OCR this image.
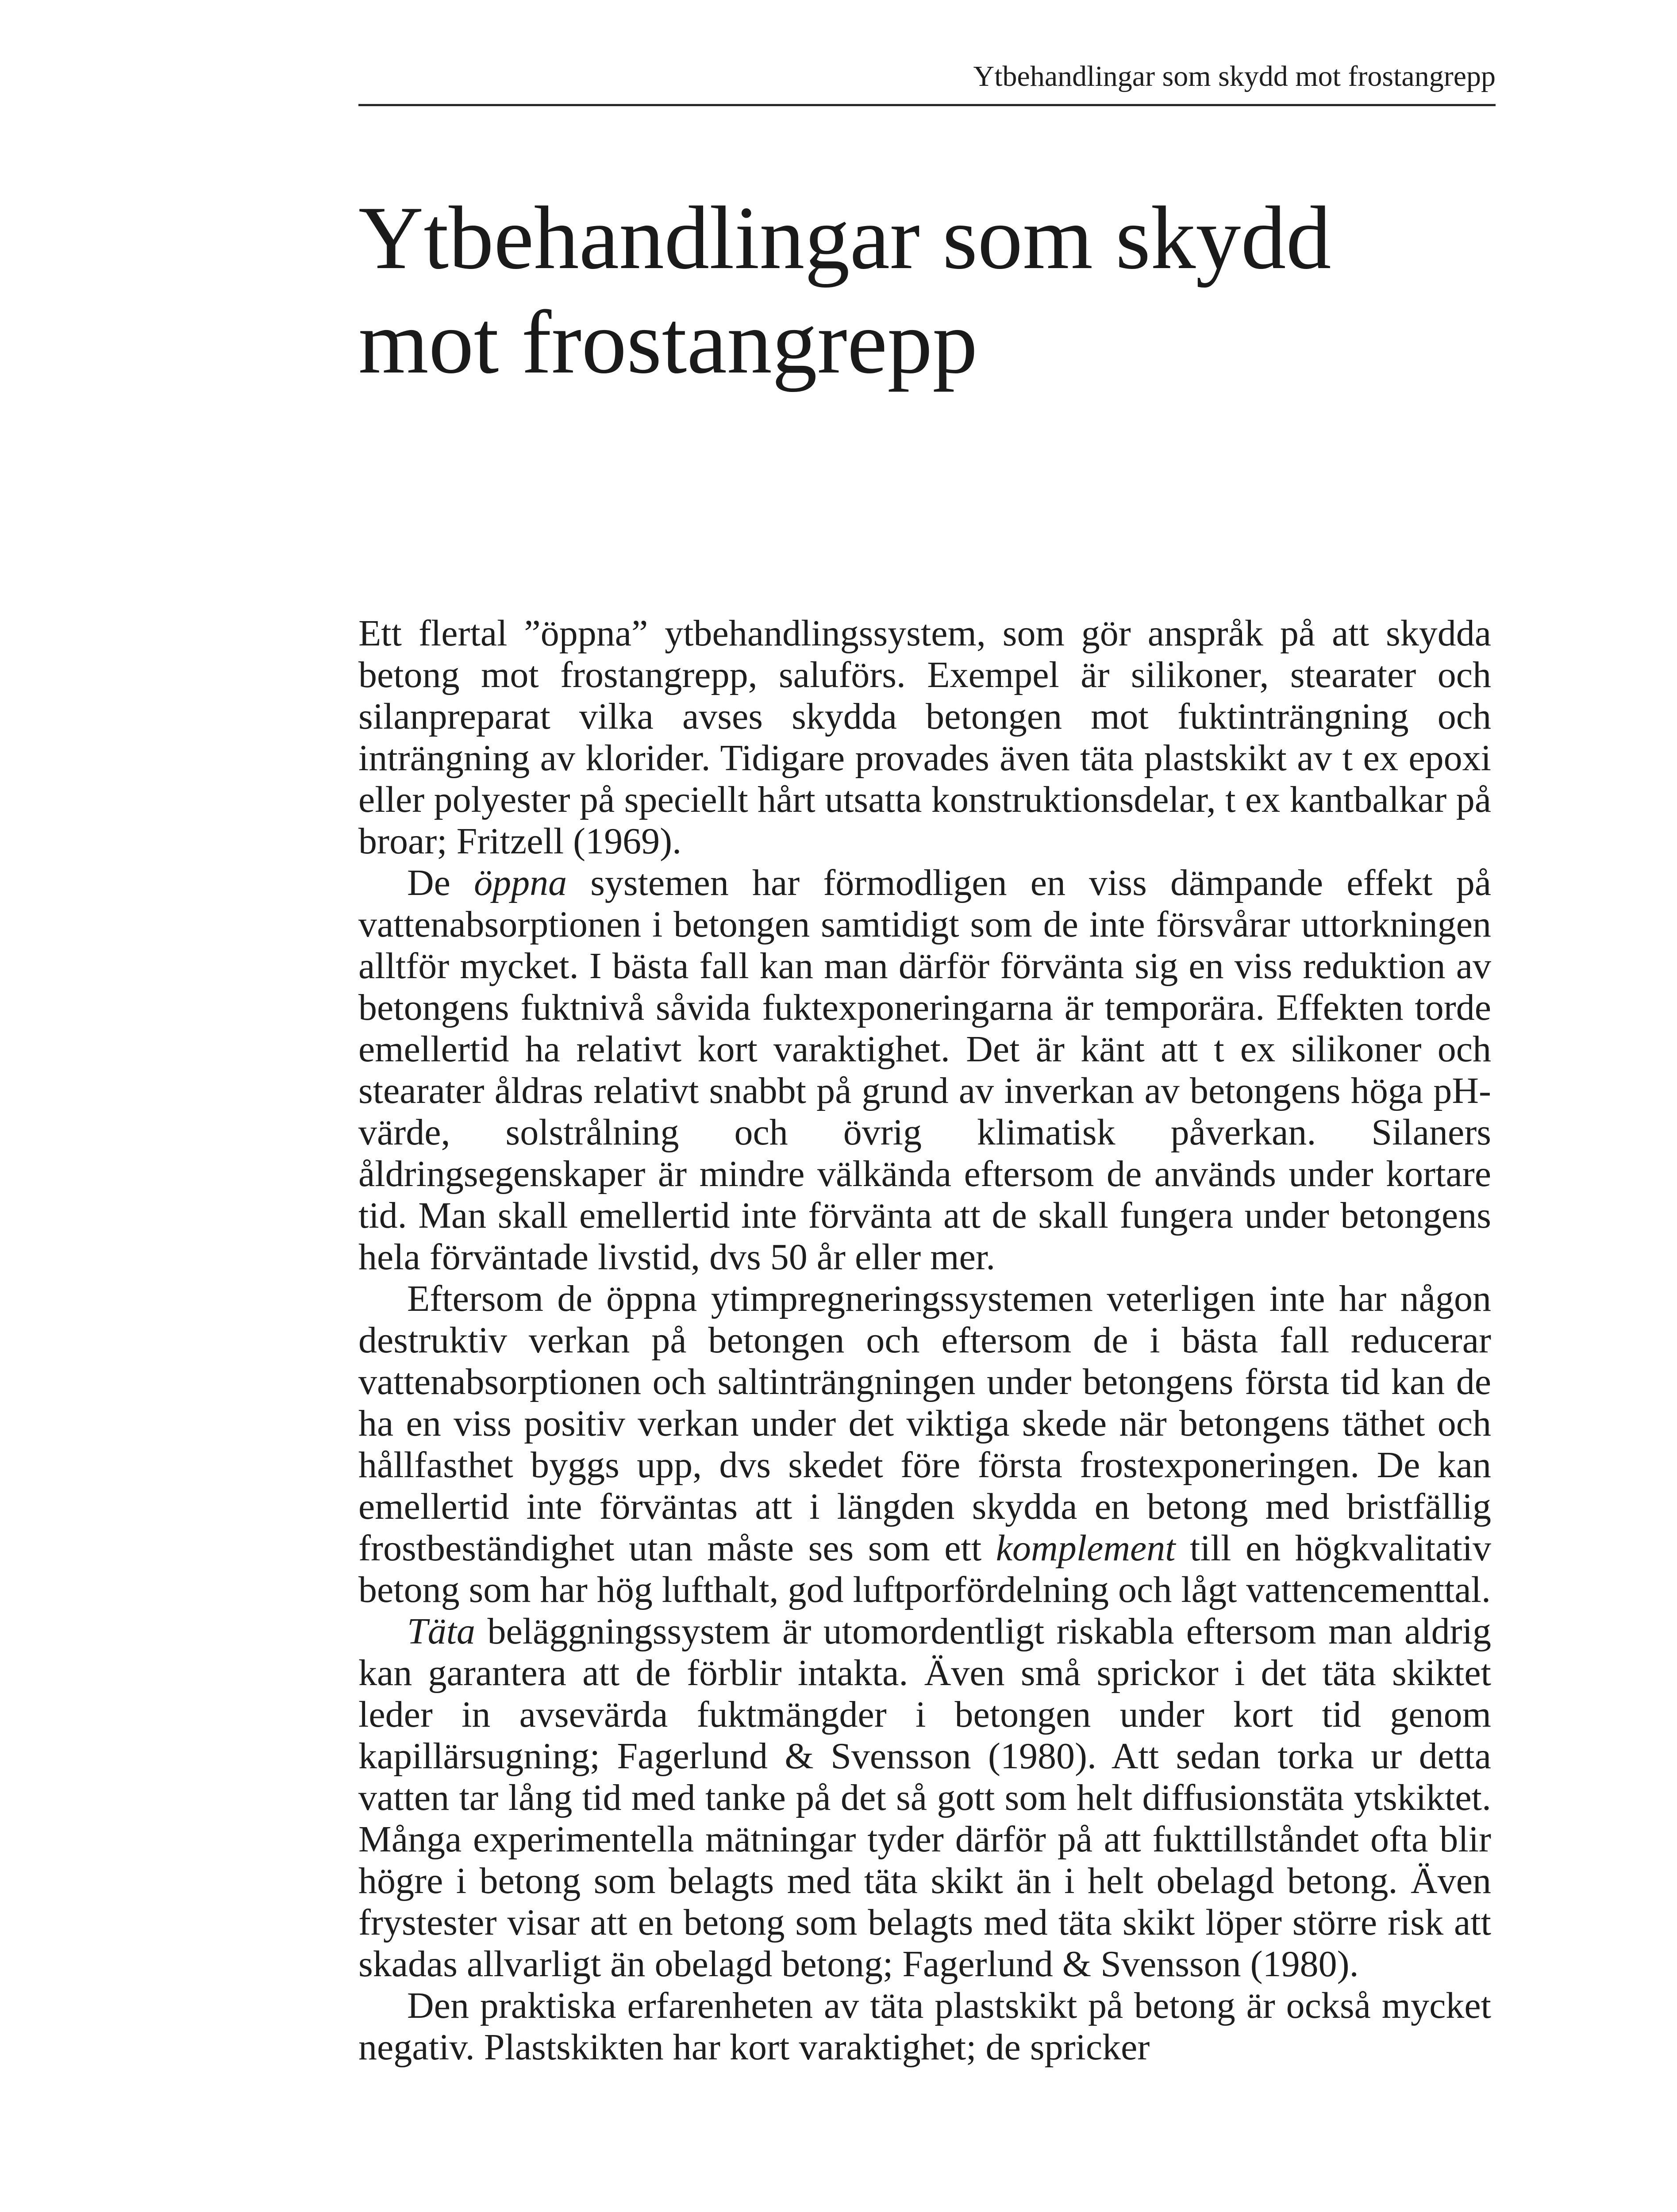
Ytbehandlingar som skydd mot frostangrepp
Ytbehandlingar som skydd mot frostangrepp

Ett flertal ”öppna” ytbehandlingssystem, som gör anspråk på att skydda betong mot frostangrepp, saluförs. Exempel är silikoner, stearater och silanpreparat vilka avses skydda betongen mot fuktinträngning och inträngning av klorider. Tidigare provades även täta plastskikt av t ex epoxi eller polyester på speciellt hårt utsatta konstruktionsdelar, t ex kantbalkar på broar; Fritzell (1969).

De öppna systemen har förmodligen en viss dämpande effekt på vattenabsorptionen i betongen samtidigt som de inte försvårar uttorkningen alltför mycket. I bästa fall kan man därför förvänta sig en viss reduktion av betongens fuktnivå såvida fuktexponeringarna är temporära. Effekten torde emellertid ha relativt kort varaktighet. Det är känt att t ex silikoner och stearater åldras relativt snabbt på grund av inverkan av betongens höga pH-värde, solstrålning och övrig klimatisk påverkan. Silaners åldringsegenskaper är mindre välkända eftersom de används under kortare tid. Man skall emellertid inte förvänta att de skall fungera under betongens hela förväntade livstid, dvs 50 år eller mer.

Eftersom de öppna ytimpregneringssystemen veterligen inte har någon destruktiv verkan på betongen och eftersom de i bästa fall reducerar vattenabsorptionen och saltinträngningen under betongens första tid kan de ha en viss positiv verkan under det viktiga skede när betongens täthet och hållfasthet byggs upp, dvs skedet före första frostexponeringen. De kan emellertid inte förväntas att i längden skydda en betong med bristfällig frostbeständighet utan måste ses som ett komplement till en högkvalitativ betong som har hög lufthalt, god luftporfördelning och lågt vattencementtal.

Täta beläggningssystem är utomordentligt riskabla eftersom man aldrig kan garantera att de förblir intakta. Även små sprickor i det täta skiktet leder in avsevärda fuktmängder i betongen under kort tid genom kapillärsugning; Fagerlund & Svensson (1980). Att sedan torka ur detta vatten tar lång tid med tanke på det så gott som helt diffusionstäta ytskiktet. Många experimentella mätningar tyder därför på att fukttillståndet ofta blir högre i betong som belagts med täta skikt än i helt obelagd betong. Även frystester visar att en betong som belagts med täta skikt löper större risk att skadas allvarligt än obelagd betong; Fagerlund & Svensson (1980).

Den praktiska erfarenheten av täta plastskikt på betong är också mycket negativ. Plastskikten har kort varaktighet; de spricker
